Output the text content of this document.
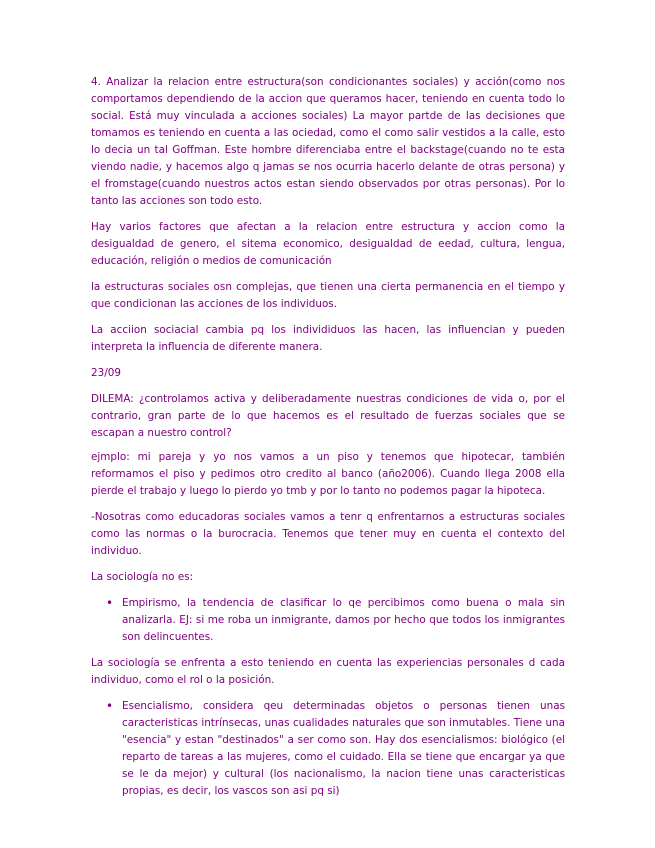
4. Analizar la relacion entre estructura(son condicionantes sociales) y acción(como nos comportamos dependiendo de la accion que queramos hacer, teniendo en cuenta todo lo social. Está muy vinculada a acciones sociales) La mayor partde de las decisiones que tomamos es teniendo en cuenta a las ociedad, como el como salir vestidos a la calle, esto lo decia un tal Goffman. Este hombre diferenciaba entre el backstage(cuando no te esta viendo nadie, y hacemos algo q jamas se nos ocurria hacerlo delante de otras persona) y el fromstage(cuando nuestros actos estan siendo observados por otras personas). Por lo tanto las acciones son todo esto.

Hay varios factores que afectan a la relacion entre estructura y accion como la desigualdad de genero, el sitema economico, desigualdad de eedad, cultura, lengua, educación, religión o medios de comunicación

la estructuras sociales osn complejas, que tienen una cierta permanencia en el tiempo y que condicionan las acciones de los individuos.

La acciion sociacial cambia pq los individiduos las hacen, las influencian y pueden interpreta la influencia de diferente manera.

23/09

DILEMA: ¿controlamos activa y deliberadamente nuestras condiciones de vida o, por el contrario, gran parte de lo que hacemos es el resultado de fuerzas sociales que se escapan a nuestro control?

ejmplo: mi pareja y yo nos vamos a un piso y tenemos que hipotecar, también reformamos el piso y pedimos otro credito al banco (año2006). Cuando llega 2008 ella pierde el trabajo y luego lo pierdo yo tmb y por lo tanto no podemos pagar la hipoteca.

-Nosotras como educadoras sociales vamos a tenr q enfrentarnos a estructuras sociales como las normas o la burocracia. Tenemos que tener muy en cuenta el contexto del individuo.

La sociología no es:

• Empirismo, la tendencia de clasificar lo qe percibimos como buena o mala sin analizarla. EJ: si me roba un inmigrante, damos por hecho que todos los inmigrantes son delincuentes.

La sociología se enfrenta a esto teniendo en cuenta las experiencias personales d cada individuo, como el rol o la posición.

• Esencialismo, considera qeu determinadas objetos o personas tienen unas caracteristicas intrínsecas, unas cualidades naturales que son inmutables. Tiene una "esencia" y estan "destinados" a ser como son. Hay dos esencialismos: biológico (el reparto de tareas a las mujeres, como el cuidado. Ella se tiene que encargar ya que se le da mejor) y cultural (los nacionalismo, la nacion tiene unas caracteristicas propias, es decir, los vascos son asi pq si)
